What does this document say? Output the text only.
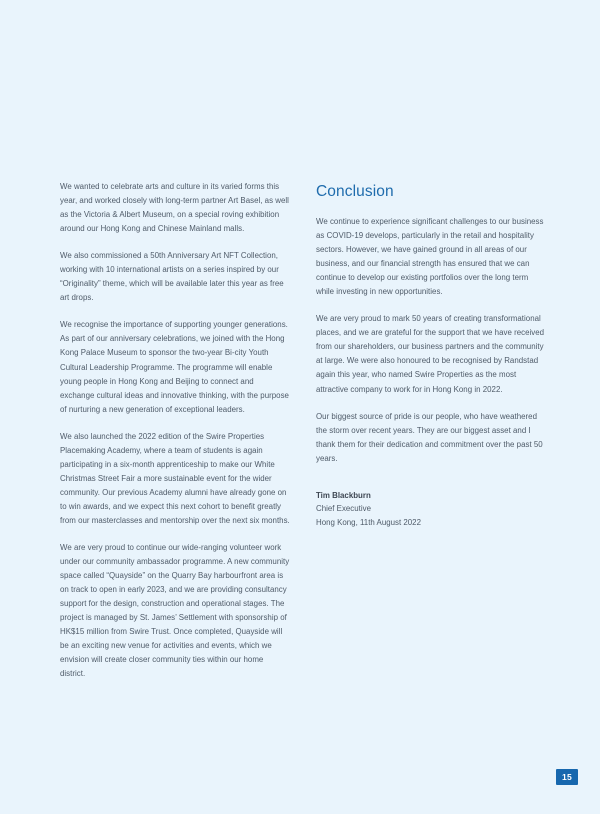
We wanted to celebrate arts and culture in its varied forms this year, and worked closely with long-term partner Art Basel, as well as the Victoria & Albert Museum, on a special roving exhibition around our Hong Kong and Chinese Mainland malls.

We also commissioned a 50th Anniversary Art NFT Collection, working with 10 international artists on a series inspired by our “Originality” theme, which will be available later this year as free art drops.

We recognise the importance of supporting younger generations. As part of our anniversary celebrations, we joined with the Hong Kong Palace Museum to sponsor the two-year Bi-city Youth Cultural Leadership Programme. The programme will enable young people in Hong Kong and Beijing to connect and exchange cultural ideas and innovative thinking, with the purpose of nurturing a new generation of exceptional leaders.

We also launched the 2022 edition of the Swire Properties Placemaking Academy, where a team of students is again participating in a six-month apprenticeship to make our White Christmas Street Fair a more sustainable event for the wider community. Our previous Academy alumni have already gone on to win awards, and we expect this next cohort to benefit greatly from our masterclasses and mentorship over the next six months.

We are very proud to continue our wide-ranging volunteer work under our community ambassador programme. A new community space called “Quayside” on the Quarry Bay harbourfront area is on track to open in early 2023, and we are providing consultancy support for the design, construction and operational stages. The project is managed by St. James’ Settlement with sponsorship of HK$15 million from Swire Trust. Once completed, Quayside will be an exciting new venue for activities and events, which we envision will create closer community ties within our home district.

Conclusion

We continue to experience significant challenges to our business as COVID-19 develops, particularly in the retail and hospitality sectors. However, we have gained ground in all areas of our business, and our financial strength has ensured that we can continue to develop our existing portfolios over the long term while investing in new opportunities.

We are very proud to mark 50 years of creating transformational places, and we are grateful for the support that we have received from our shareholders, our business partners and the community at large. We were also honoured to be recognised by Randstad again this year, who named Swire Properties as the most attractive company to work for in Hong Kong in 2022.

Our biggest source of pride is our people, who have weathered the storm over recent years. They are our biggest asset and I thank them for their dedication and commitment over the past 50 years.

Tim Blackburn
Chief Executive
Hong Kong, 11th August 2022
15
